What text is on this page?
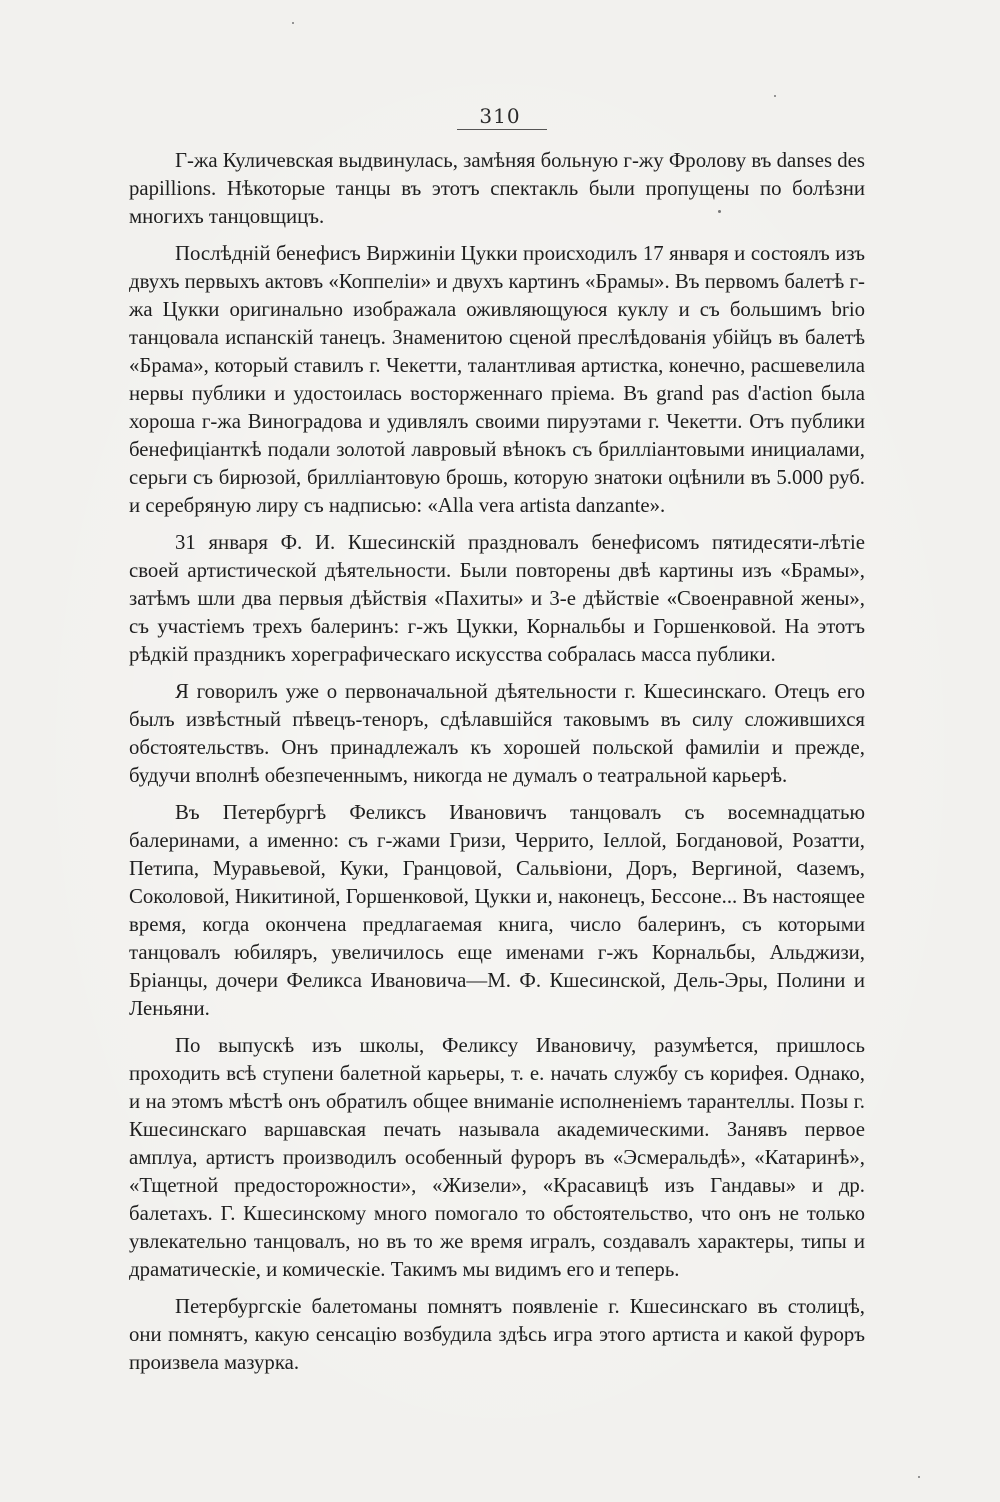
310

Г-жа Куличевская выдвинулась, замѣняя больную г-жу Фролову въ danses des papillions. Нѣкоторые танцы въ этотъ спектакль были пропущены по болѣзни многихъ танцовщицъ.

Послѣднiй бенефисъ Виржинiи Цукки происходилъ 17 января и состоялъ изъ двухъ первыхъ актовъ «Коппелiи» и двухъ картинъ «Брамы». Въ первомъ балетѣ г-жа Цукки оригинально изображала оживляющуюся куклу и съ большимъ brio танцовала испанскiй танецъ. Знаменитою сценой преслѣдованiя убiйцъ въ балетѣ «Брама», который ставилъ г. Чекетти, талантливая артистка, конечно, расшевелила нервы публики и удостоилась восторженнаго прiема. Въ grand pas d'action была хороша г-жа Виноградова и удивлялъ своими пируэтами г. Чекетти. Отъ публики бенефицiанткѣ подали золотой лавровый вѣнокъ съ бриллiантовыми инициалами, серьги съ бирюзой, бриллiантовую брошь, которую знатоки оцѣнили въ 5.000 руб. и серебряную лиру съ надписью: «Alla vera artista danzante».

31 января Ф. И. Кшесинскiй праздновалъ бенефисомъ пятидесяти-лѣтiе своей артистической дѣятельности. Были повторены двѣ картины изъ «Брамы», затѣмъ шли два первыя дѣйствiя «Пахиты» и 3-е дѣйствiе «Своенравной жены», съ участiемъ трехъ балеринъ: г-жъ Цукки, Корнальбы и Горшенковой. На этотъ рѣдкiй праздникъ хореграфическаго искусства собралась масса публики.

Я говорилъ уже о первоначальной дѣятельности г. Кшесинскаго. Отецъ его былъ извѣстный пѣвецъ-теноръ, сдѣлавшiйся таковымъ въ силу сложившихся обстоятельствъ. Онъ принадлежалъ къ хорошей польской фамилiи и прежде, будучи вполнѣ обезпеченнымъ, никогда не думалъ о театральной карьерѣ.

Въ Петербургѣ Феликсъ Ивановичъ танцовалъ съ восемнадцатью балеринами, а именно: съ г-жами Гризи, Черрито, Iеллой, Богдановой, Розатти, Петипа, Муравьевой, Куки, Гранцовой, Сальвiони, Доръ, Вергиной, વаземъ, Соколовой, Никитиной, Горшенковой, Цукки и, наконецъ, Бессоне... Въ настоящее время, когда окончена предлагаемая книга, число балеринъ, съ которыми танцовалъ юбиляръ, увеличилось еще именами г-жъ Корнальбы, Альджизи, Брiанцы, дочери Феликса Ивановича—М. Ф. Кшесинской, Дель-Эры, Полини и Леньяни.

По выпускѣ изъ школы, Феликсу Ивановичу, разумѣется, пришлось проходить всѣ ступени балетной карьеры, т. е. начать службу съ корифея. Однако, и на этомъ мѣстѣ онъ обратилъ общее вниманiе исполненiемъ тарантеллы. Позы г. Кшесинскаго варшавская печать называла академическими. Занявъ первое амплуа, артистъ производилъ особенный фуроръ въ «Эсмеральдѣ», «Катаринѣ», «Тщетной предосторожности», «Жизели», «Красавицѣ изъ Гандавы» и др. балетахъ. Г. Кшесинскому много помогало то обстоятельство, что онъ не только увлекательно танцовалъ, но въ то же время игралъ, создавалъ характеры, типы и драматическiе, и комическiе. Такимъ мы видимъ его и теперь.

Петербургскiе балетоманы помнятъ появленiе г. Кшесинскаго въ столицѣ, они помнятъ, какую сенсацiю возбудила здѣсь игра этого артиста и какой фуроръ произвела мазурка.
